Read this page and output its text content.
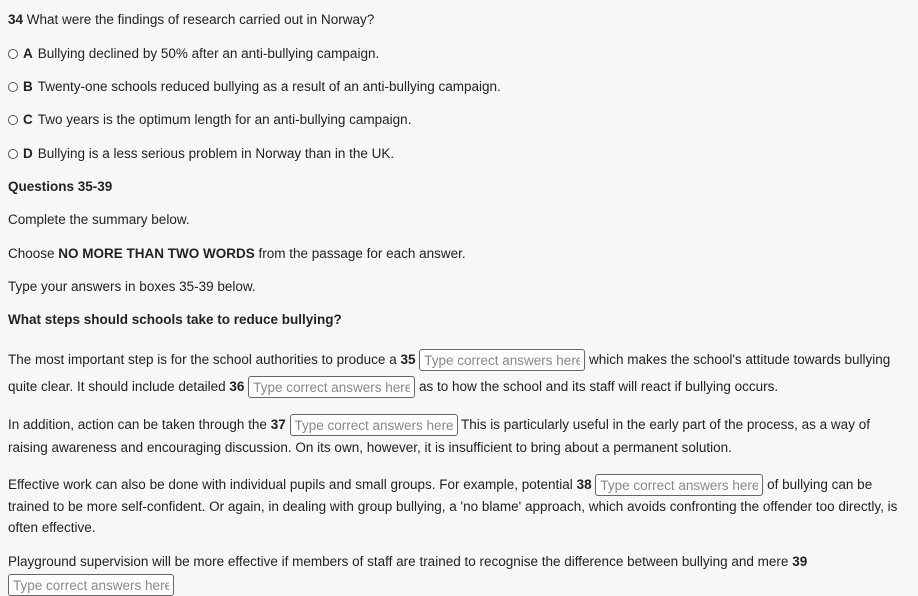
34 What were the findings of research carried out in Norway?
A Bullying declined by 50% after an anti-bullying campaign.
B Twenty-one schools reduced bullying as a result of an anti-bullying campaign.
C Two years is the optimum length for an anti-bullying campaign.
D Bullying is a less serious problem in Norway than in the UK.
Questions 35-39
Complete the summary below.
Choose NO MORE THAN TWO WORDS from the passage for each answer.
Type your answers in boxes 35-39 below.
What steps should schools take to reduce bullying?
The most important step is for the school authorities to produce a 35 Type correct answers here.	which makes the school's attitude towards bullying quite clear. It should include detailed 36 Type correct answers here.	as to how the school and its staff will react if bullying occurs.
In addition, action can be taken through the 37 Type correct answers here.	This is particularly useful in the early part of the process, as a way of raising awareness and encouraging discussion. On its own, however, it is insufficient to bring about a permanent solution.
Effective work can also be done with individual pupils and small groups. For example, potential 38 Type correct answers here.	of bullying can be trained to be more self-confident. Or again, in dealing with group bullying, a 'no blame' approach, which avoids confronting the offender too directly, is often effective.
Playground supervision will be more effective if members of staff are trained to recognise the difference between bullying and mere 39
Type correct answers here.
